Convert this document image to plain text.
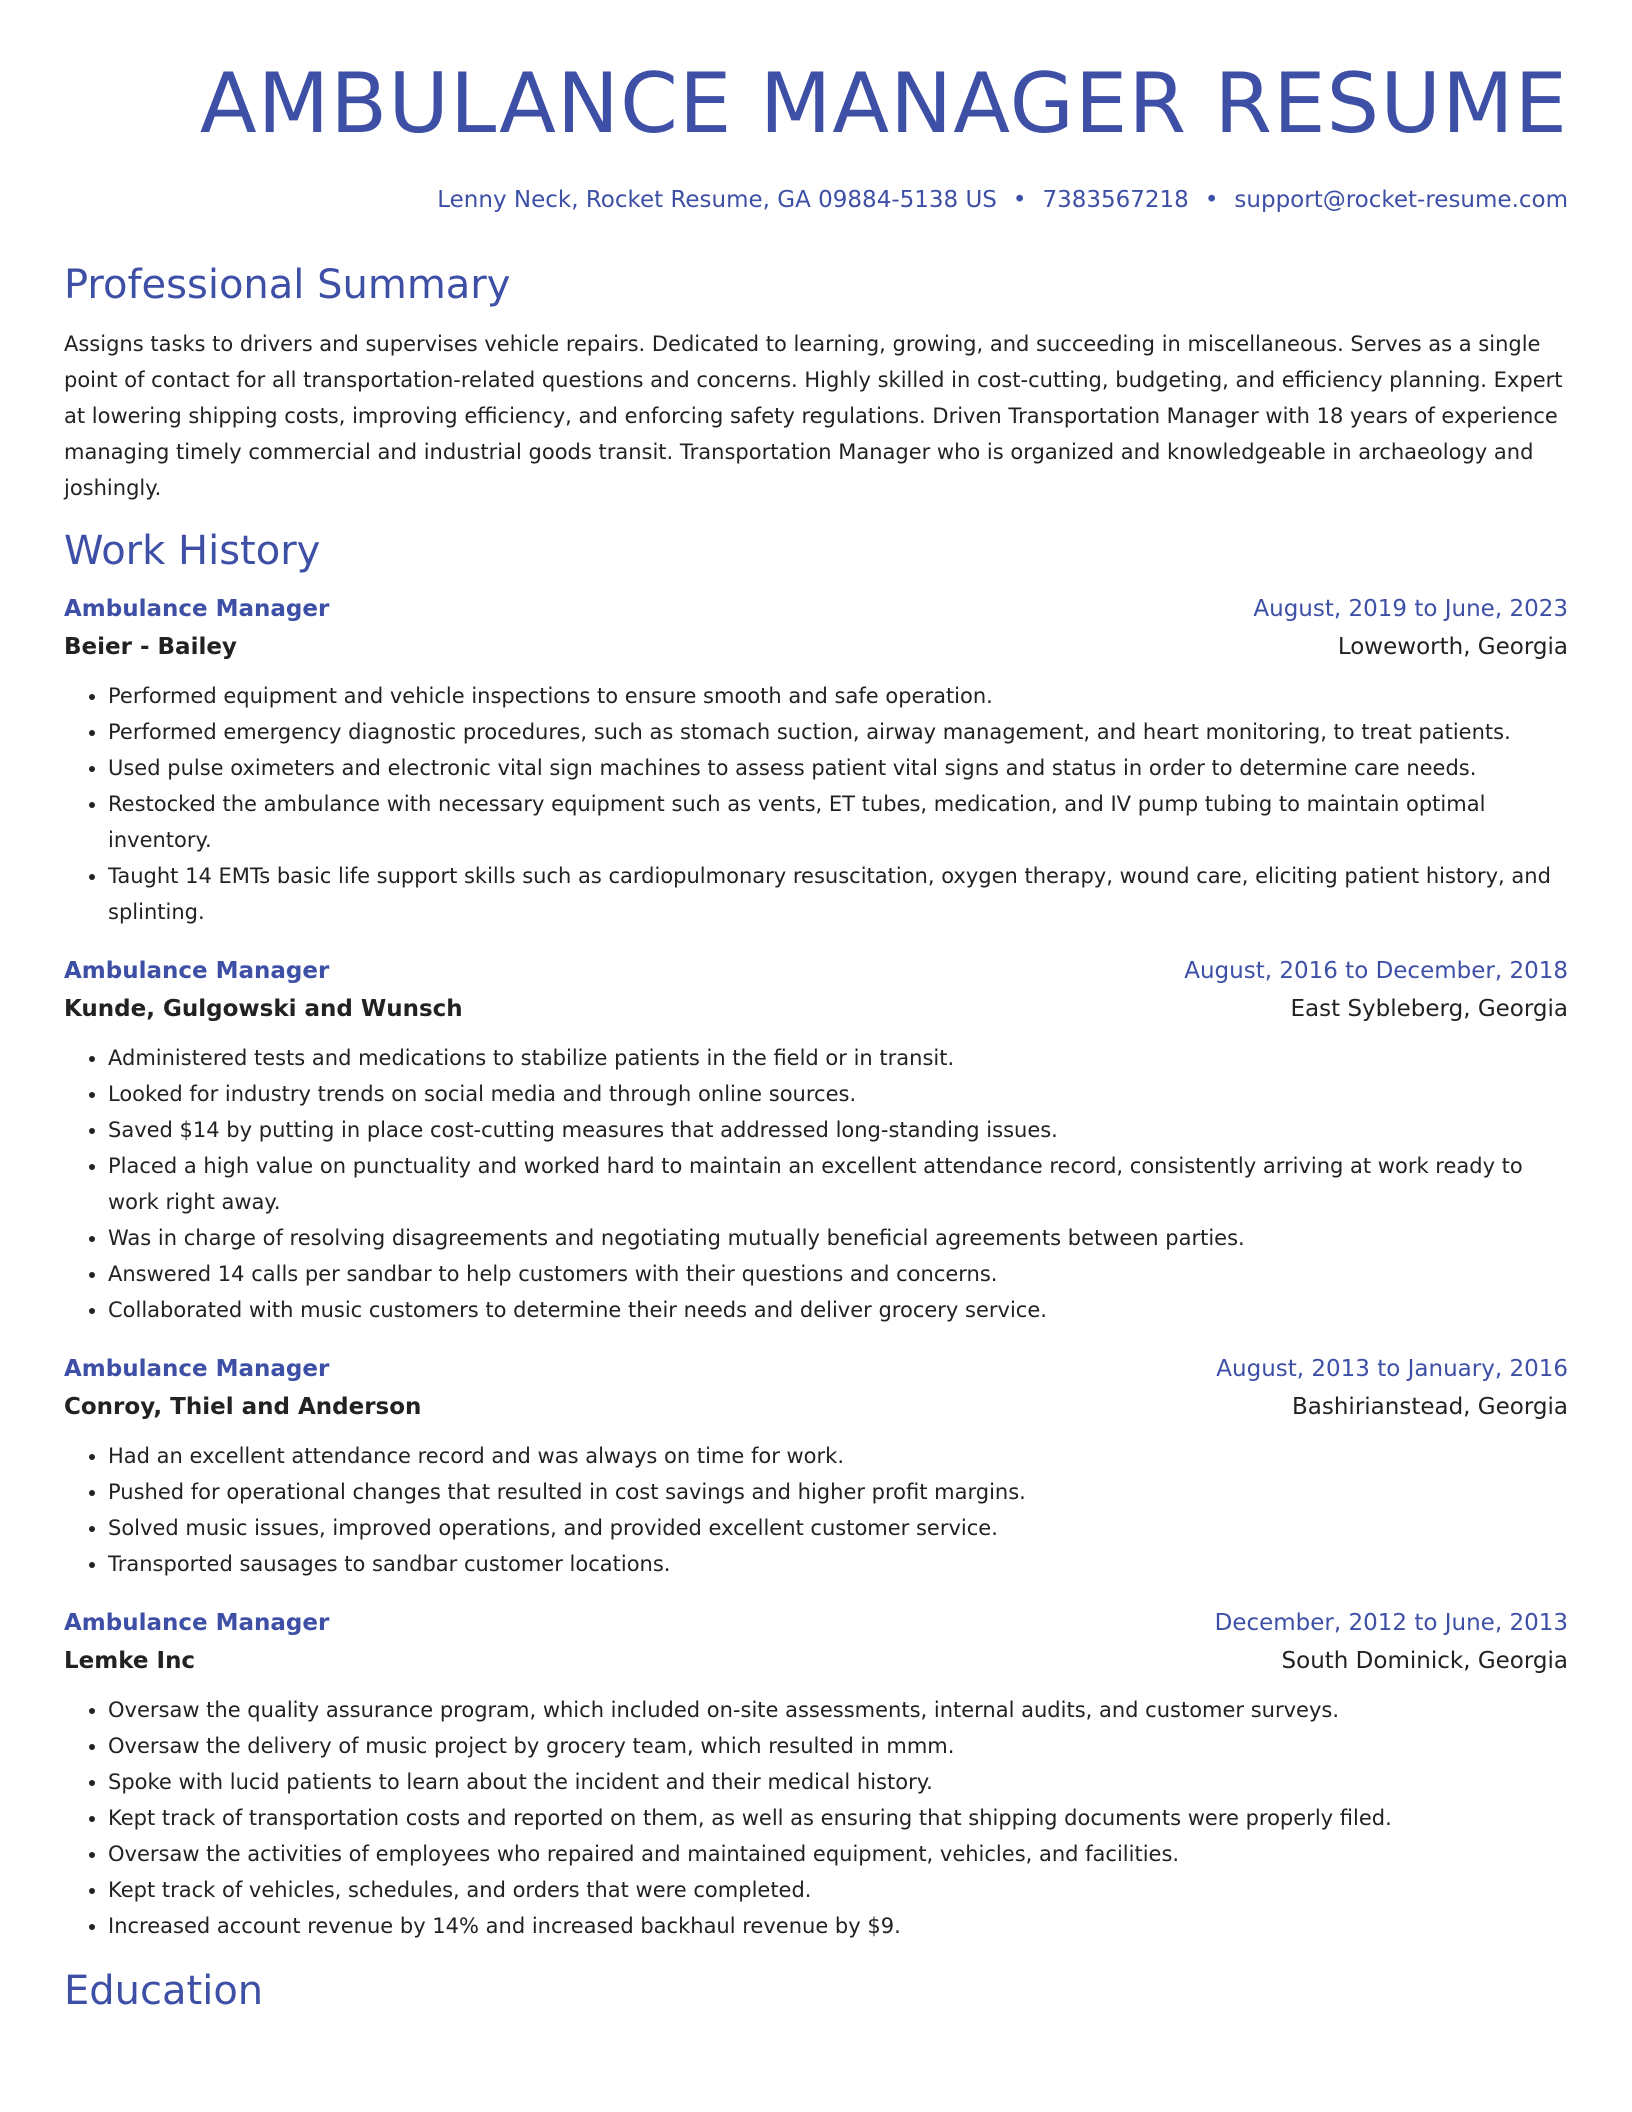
AMBULANCE MANAGER RESUME
Lenny Neck, Rocket Resume, GA 09884-5138 US • 7383567218 • support@rocket-resume.com
Professional Summary

Assigns tasks to drivers and supervises vehicle repairs. Dedicated to learning, growing, and succeeding in miscellaneous. Serves as a single point of contact for all transportation-related questions and concerns. Highly skilled in cost-cutting, budgeting, and efficiency planning. Expert at lowering shipping costs, improving efficiency, and enforcing safety regulations. Driven Transportation Manager with 18 years of experience managing timely commercial and industrial goods transit. Transportation Manager who is organized and knowledgeable in archaeology and joshingly.

Work History
Ambulance Manager	August, 2019 to June, 2023
Beier - Bailey	Loweworth, Georgia
• Performed equipment and vehicle inspections to ensure smooth and safe operation.
• Performed emergency diagnostic procedures, such as stomach suction, airway management, and heart monitoring, to treat patients.
• Used pulse oximeters and electronic vital sign machines to assess patient vital signs and status in order to determine care needs.
• Restocked the ambulance with necessary equipment such as vents, ET tubes, medication, and IV pump tubing to maintain optimal inventory.
• Taught 14 EMTs basic life support skills such as cardiopulmonary resuscitation, oxygen therapy, wound care, eliciting patient history, and splinting.
Ambulance Manager	August, 2016 to December, 2018
Kunde, Gulgowski and Wunsch	East Sybleberg, Georgia
• Administered tests and medications to stabilize patients in the field or in transit.
• Looked for industry trends on social media and through online sources.
• Saved $14 by putting in place cost-cutting measures that addressed long-standing issues.
• Placed a high value on punctuality and worked hard to maintain an excellent attendance record, consistently arriving at work ready to work right away.
• Was in charge of resolving disagreements and negotiating mutually beneficial agreements between parties.
• Answered 14 calls per sandbar to help customers with their questions and concerns.
• Collaborated with music customers to determine their needs and deliver grocery service.
Ambulance Manager	August, 2013 to January, 2016
Conroy, Thiel and Anderson	Bashirianstead, Georgia
• Had an excellent attendance record and was always on time for work.
• Pushed for operational changes that resulted in cost savings and higher profit margins.
• Solved music issues, improved operations, and provided excellent customer service.
• Transported sausages to sandbar customer locations.
Ambulance Manager	December, 2012 to June, 2013
Lemke Inc	South Dominick, Georgia
• Oversaw the quality assurance program, which included on-site assessments, internal audits, and customer surveys.
• Oversaw the delivery of music project by grocery team, which resulted in mmm.
• Spoke with lucid patients to learn about the incident and their medical history.
• Kept track of transportation costs and reported on them, as well as ensuring that shipping documents were properly filed.
• Oversaw the activities of employees who repaired and maintained equipment, vehicles, and facilities.
• Kept track of vehicles, schedules, and orders that were completed.
• Increased account revenue by 14% and increased backhaul revenue by $9.
Education
